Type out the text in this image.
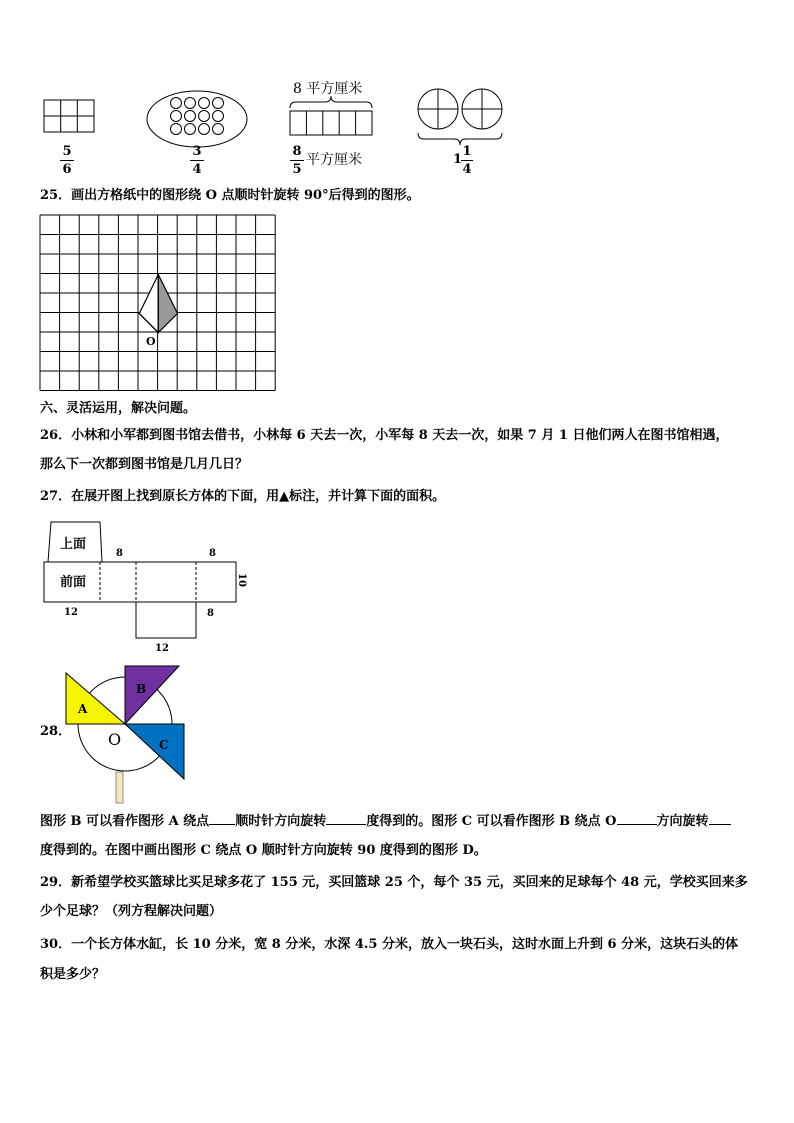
5
6
3
4
8 平方厘米
8
5
平方厘米	1
1
4
25．画出方格纸中的图形绕 O 点顺时针旋转 90°后得到的图形。
O
六、灵活运用，解决问题。
26．小林和小军都到图书馆去借书，小林每 6 天去一次，小军每 8 天去一次，如果 7 月 1 日他们两人在图书馆相遇，
那么下一次都到图书馆是几月几日？
27．在展开图上找到原长方体的下面，用▲标注，并计算下面的面积。
上面
前面
8	8
10
12	8
12
28．
A
B
C
O
图形 B 可以看作图形 A 绕点 顺时针方向旋转	度得到的。图形 C 可以看作图形 B 绕点 O	方向旋转
度得到的。在图中画出图形 C 绕点 O 顺时针方向旋转 90 度得到的图形 D。
29．新希望学校买篮球比买足球多花了 155 元，买回篮球 25 个，每个 35 元，买回来的足球每个 48 元，学校买回来多
少个足球？（列方程解决问题）
30．一个长方体水缸，长 10 分米，宽 8 分米，水深 4.5 分米，放入一块石头，这时水面上升到 6 分米，这块石头的体
积是多少？
